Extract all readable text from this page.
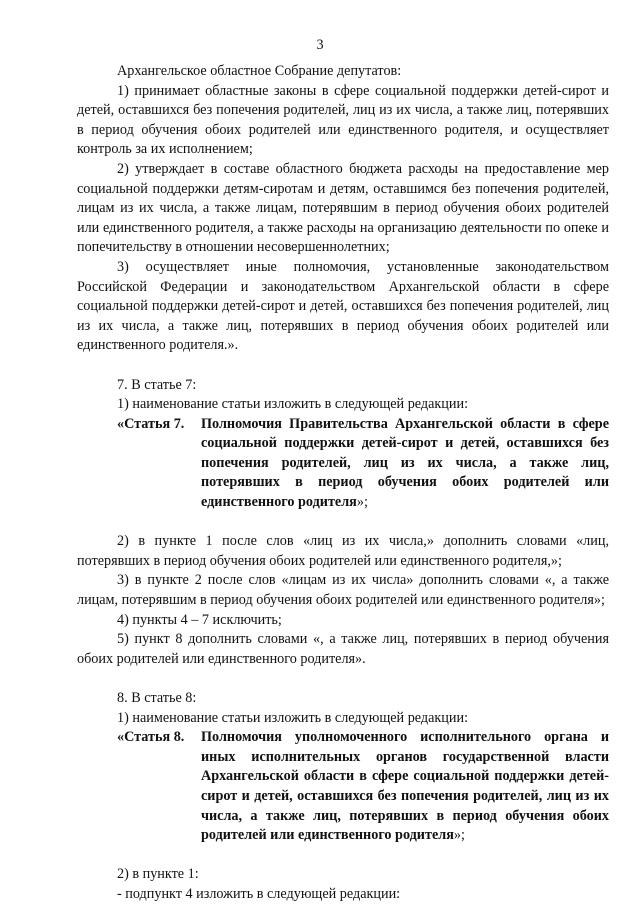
3

Архангельское областное Собрание депутатов:

1) принимает областные законы в сфере социальной поддержки детей-сирот и детей, оставшихся без попечения родителей, лиц из их числа, а также лиц, потерявших в период обучения обоих родителей или единственного родителя, и осуществляет контроль за их исполнением;

2) утверждает в составе областного бюджета расходы на предоставление мер социальной поддержки детям-сиротам и детям, оставшимся без попечения родителей, лицам из их числа, а также лицам, потерявшим в период обучения обоих родителей или единственного родителя, а также расходы на организацию деятельности по опеке и попечительству в отношении несовершеннолетних;

3) осуществляет иные полномочия, установленные законодательством Российской Федерации и законодательством Архангельской области в сфере социальной поддержки детей-сирот и детей, оставшихся без попечения родителей, лиц из их числа, а также лиц, потерявших в период обучения обоих родителей или единственного родителя.».

7. В статье 7:

1) наименование статьи изложить в следующей редакции:

«Статья 7.	Полномочия Правительства Архангельской области в сфере социальной поддержки детей-сирот и детей, оставшихся без попечения родителей, лиц из их числа, а также лиц, потерявших в период обучения обоих родителей или единственного родителя»;

2) в пункте 1 после слов «лиц из их числа,» дополнить словами «лиц, потерявших в период обучения обоих родителей или единственного родителя,»;

3) в пункте 2 после слов «лицам из их числа» дополнить словами «, а также лицам, потерявшим в период обучения обоих родителей или единственного родителя»;

4) пункты 4 – 7 исключить;

5) пункт 8 дополнить словами «, а также лиц, потерявших в период обучения обоих родителей или единственного родителя».

8. В статье 8:

1) наименование статьи изложить в следующей редакции:

«Статья 8.	Полномочия уполномоченного исполнительного органа и иных исполнительных органов государственной власти Архангельской области в сфере социальной поддержки детей-сирот и детей, оставшихся без попечения родителей, лиц из их числа, а также лиц, потерявших в период обучения обоих родителей или единственного родителя»;

2) в пункте 1:

- подпункт 4 изложить в следующей редакции:
